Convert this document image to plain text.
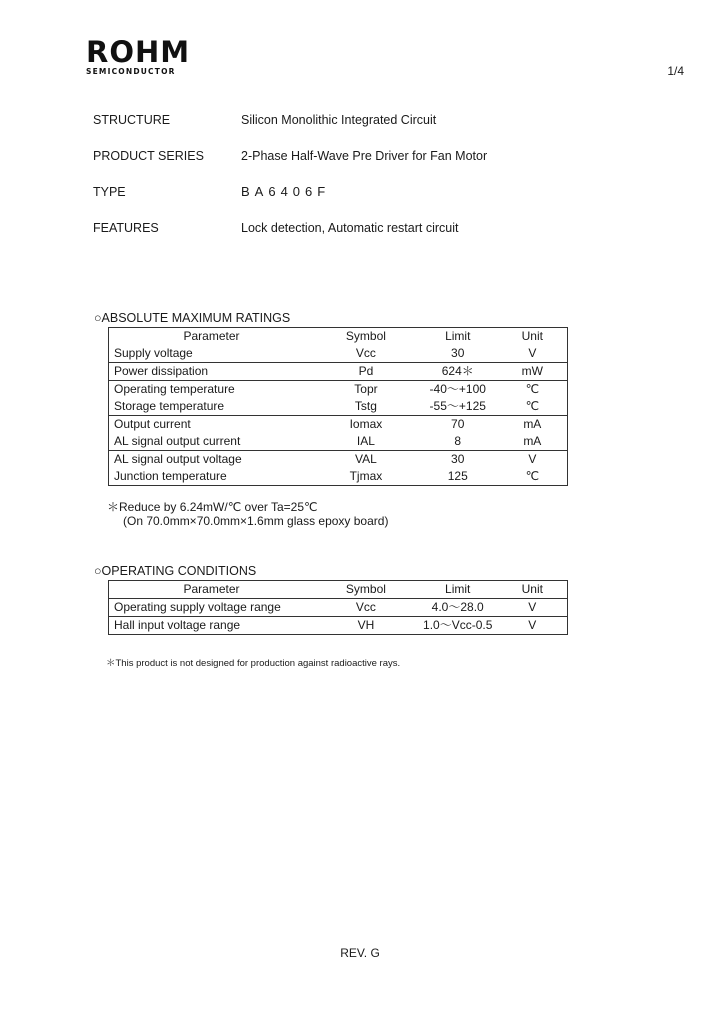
ROHM
SEMICONDUCTOR	1/4
STRUCTURE	Silicon Monolithic Integrated Circuit
PRODUCT SERIES	2-Phase Half-Wave Pre Driver for Fan Motor
TYPE	BA6406F
FEATURES	Lock detection, Automatic restart circuit
○ABSOLUTE MAXIMUM RATINGS
Parameter	Symbol	Limit	Unit
Supply voltage	Vcc	30	V
Power dissipation	Pd	624＊	mW
Operating temperature	Topr	-40～+100	℃
Storage temperature	Tstg	-55～+125	℃
Output current	Iomax	70	mA
AL signal output current	IAL	8	mA
AL signal output voltage	VAL	30	V
Junction temperature	Tjmax	125	℃
＊Reduce by 6.24mW/℃ over Ta=25℃
(On 70.0mm×70.0mm×1.6mm glass epoxy board)
○OPERATING CONDITIONS
Parameter	Symbol	Limit	Unit
Operating supply voltage range	Vcc	4.0～28.0	V
Hall input voltage range	VH	1.0～Vcc-0.5	V
＊This product is not designed for production against radioactive rays.
REV. G
